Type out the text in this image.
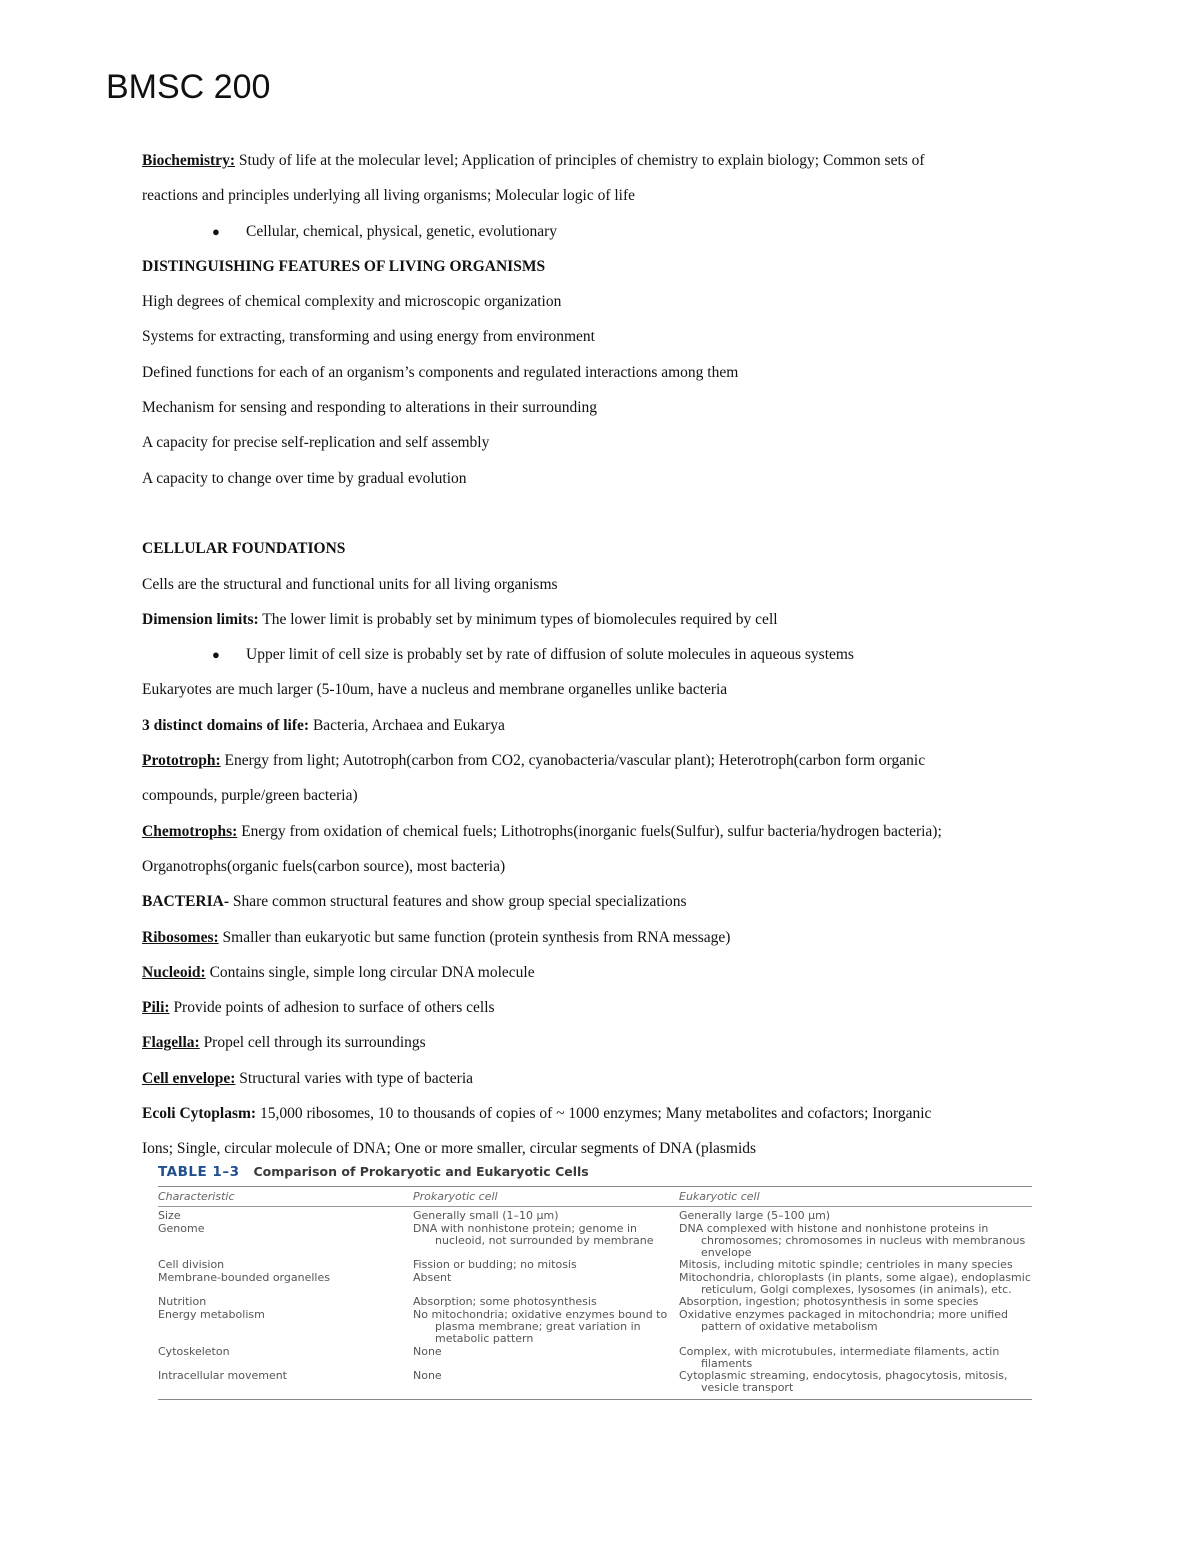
BMSC 200
Biochemistry: Study of life at the molecular level; Application of principles of chemistry to explain biology; Common sets of
reactions and principles underlying all living organisms; Molecular logic of life
● Cellular, chemical, physical, genetic, evolutionary
DISTINGUISHING FEATURES OF LIVING ORGANISMS
High degrees of chemical complexity and microscopic organization
Systems for extracting, transforming and using energy from environment
Defined functions for each of an organism’s components and regulated interactions among them
Mechanism for sensing and responding to alterations in their surrounding
A capacity for precise self-replication and self assembly
A capacity to change over time by gradual evolution
CELLULAR FOUNDATIONS
Cells are the structural and functional units for all living organisms
Dimension limits: The lower limit is probably set by minimum types of biomolecules required by cell
● Upper limit of cell size is probably set by rate of diffusion of solute molecules in aqueous systems
Eukaryotes are much larger (5-10um, have a nucleus and membrane organelles unlike bacteria
3 distinct domains of life: Bacteria, Archaea and Eukarya
Prototroph: Energy from light; Autotroph(carbon from CO2, cyanobacteria/vascular plant); Heterotroph(carbon form organic
compounds, purple/green bacteria)
Chemotrophs: Energy from oxidation of chemical fuels; Lithotrophs(inorganic fuels(Sulfur), sulfur bacteria/hydrogen bacteria);
Organotrophs(organic fuels(carbon source), most bacteria)
BACTERIA- Share common structural features and show group special specializations
Ribosomes: Smaller than eukaryotic but same function (protein synthesis from RNA message)
Nucleoid: Contains single, simple long circular DNA molecule
Pili: Provide points of adhesion to surface of others cells
Flagella: Propel cell through its surroundings
Cell envelope: Structural varies with type of bacteria
Ecoli Cytoplasm: 15,000 ribosomes, 10 to thousands of copies of ~ 1000 enzymes; Many metabolites and cofactors; Inorganic
Ions; Single, circular molecule of DNA; One or more smaller, circular segments of DNA (plasmids
TABLE 1–3 Comparison of Prokaryotic and Eukaryotic Cells
Characteristic	Prokaryotic cell	Eukaryotic cell

Size	Generally small (1–10 μm)	Generally large (5–100 μm)

Genome	DNA with nonhistone protein; genome in nucleoid, not surrounded by membrane	DNA complexed with histone and nonhistone proteins in chromosomes; chromosomes in nucleus with membranous envelope

Cell division	Fission or budding; no mitosis	Mitosis, including mitotic spindle; centrioles in many species

Membrane-bounded organelles	Absent	Mitochondria, chloroplasts (in plants, some algae), endoplasmic reticulum, Golgi complexes, lysosomes (in animals), etc.

Nutrition	Absorption; some photosynthesis	Absorption, ingestion; photosynthesis in some species

Energy metabolism	No mitochondria; oxidative enzymes bound to plasma membrane; great variation in metabolic pattern	Oxidative enzymes packaged in mitochondria; more unified pattern of oxidative metabolism

Cytoskeleton	None	Complex, with microtubules, intermediate filaments, actin filaments

Intracellular movement	None	Cytoplasmic streaming, endocytosis, phagocytosis, mitosis, vesicle transport
